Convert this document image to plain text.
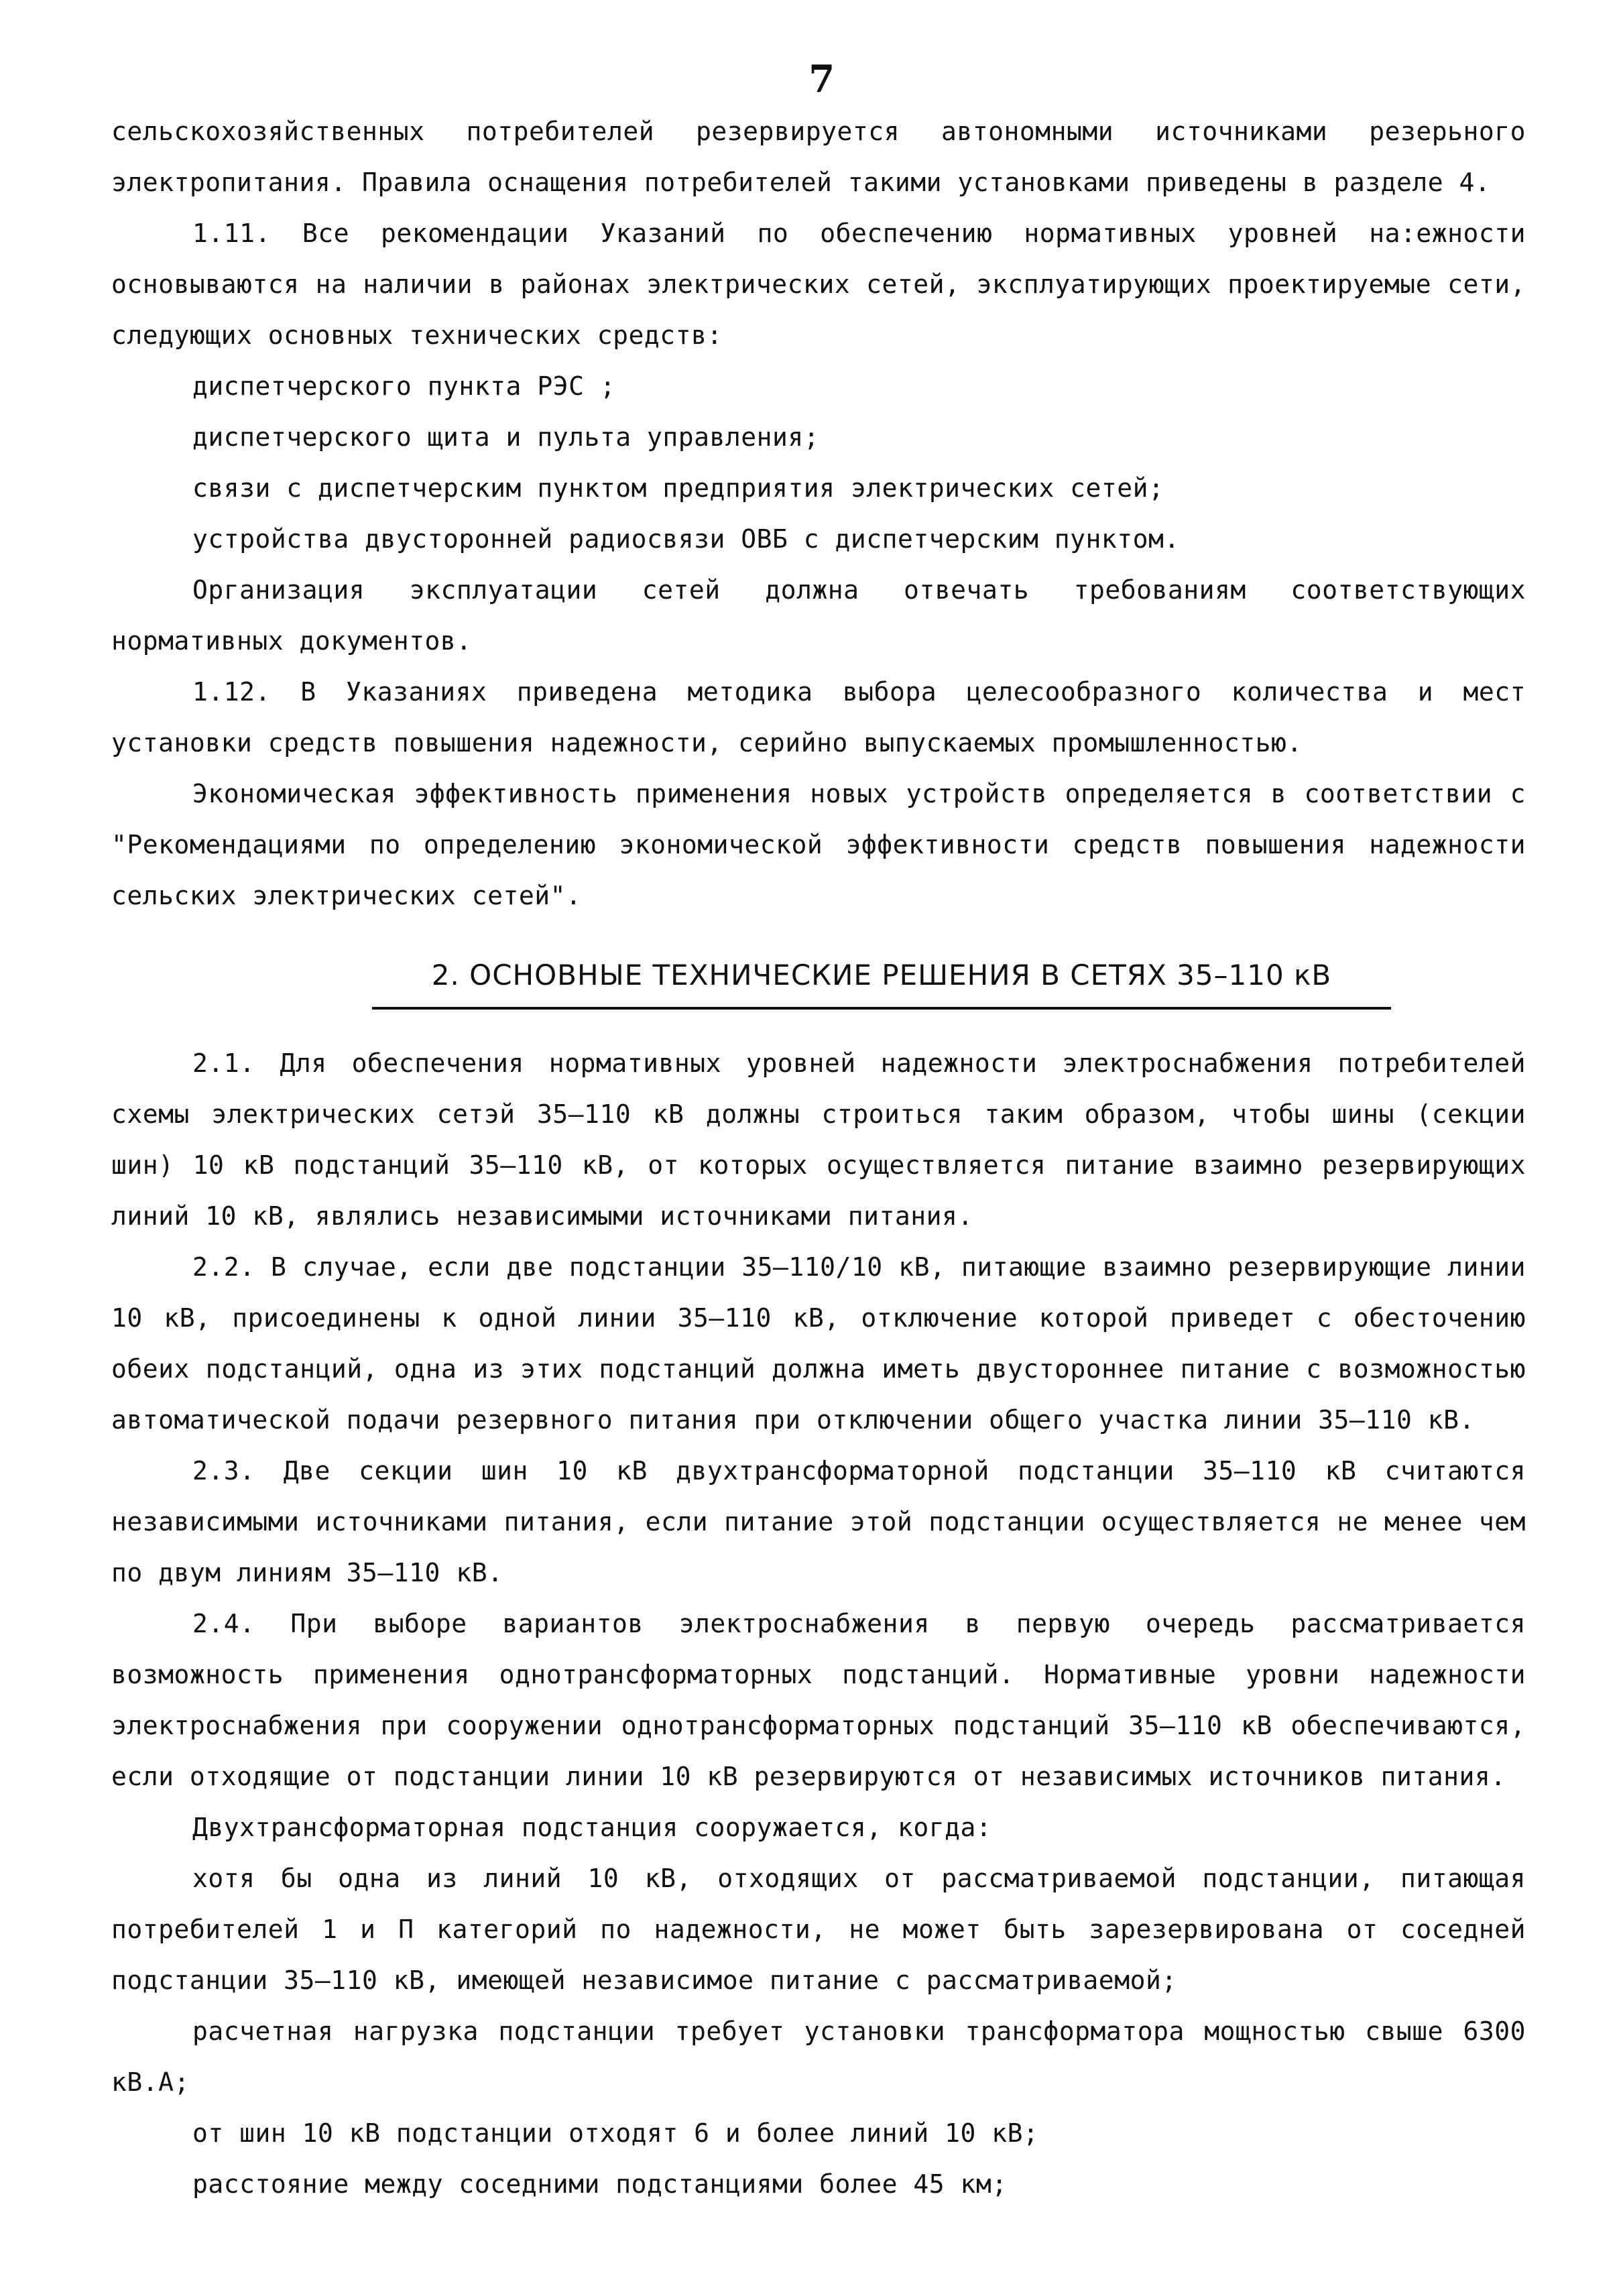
7

сельскохозяйственных потребителей резервируется автономными источниками резерьного электропитания. Правила оснащения потребителей такими установками приведены в разделе 4.

1.11. Все рекомендации Указаний по обеспечению нормативных уровней на:ежности основываются на наличии в районах электрических сетей, эксплуатирующих проектируемые сети, следующих основных технических средств:

диспетчерского пункта РЭС ;

диспетчерского щита и пульта управления;

связи с диспетчерским пунктом предприятия электрических сетей;

устройства двусторонней радиосвязи ОВБ с диспетчерским пунктом.

Организация эксплуатации сетей должна отвечать требованиям соответствующих нормативных документов.

1.12. В Указаниях приведена методика выбора целесообразного количества и мест установки средств повышения надежности, серийно выпускаемых промышленностью.

Экономическая эффективность применения новых устройств определяется в соответствии с "Рекомендациями по определению экономической эффективности средств повышения надежности сельских электрических сетей".

2. ОСНОВНЫЕ ТЕХНИЧЕСКИЕ РЕШЕНИЯ В СЕТЯХ 35–110 кВ

2.1. Для обеспечения нормативных уровней надежности электроснабжения потребителей схемы электрических сетэй 35–110 кВ должны строиться таким образом, чтобы шины (секции шин) 10 кВ подстанций 35–110 кВ, от которых осуществляется питание взаимно резервирующих линий 10 кВ, являлись независимыми источниками питания.

2.2. В случае, если две подстанции 35–110/10 кВ, питающие взаимно резервирующие линии 10 кВ, присоединены к одной линии 35–110 кВ, отключение которой приведет с обесточению обеих подстанций, одна из этих подстанций должна иметь двустороннее питание с возможностью автоматической подачи резервного питания при отключении общего участка линии 35–110 кВ.

2.3. Две секции шин 10 кВ двухтрансформаторной подстанции 35–110 кВ считаются независимыми источниками питания, если питание этой подстанции осуществляется не менее чем по двум линиям 35–110 кВ.

2.4. При выборе вариантов электроснабжения в первую очередь рассматривается возможность применения однотрансформаторных подстанций. Нормативные уровни надежности электроснабжения при сооружении однотрансформаторных подстанций 35–110 кВ обеспечиваются, если отходящие от подстанции линии 10 кВ резервируются от независимых источников питания.

Двухтрансформаторная подстанция сооружается, когда:

хотя бы одна из линий 10 кВ, отходящих от рассматриваемой подстанции, питающая потребителей 1 и П категорий по надежности, не может быть зарезервирована от соседней подстанции 35–110 кВ, имеющей независимое питание с рассматриваемой;

расчетная нагрузка подстанции требует установки трансформатора мощностью свыше 6300 кВ.А;

от шин 10 кВ подстанции отходят 6 и более линий 10 кВ;

расстояние между соседними подстанциями более 45 км;
